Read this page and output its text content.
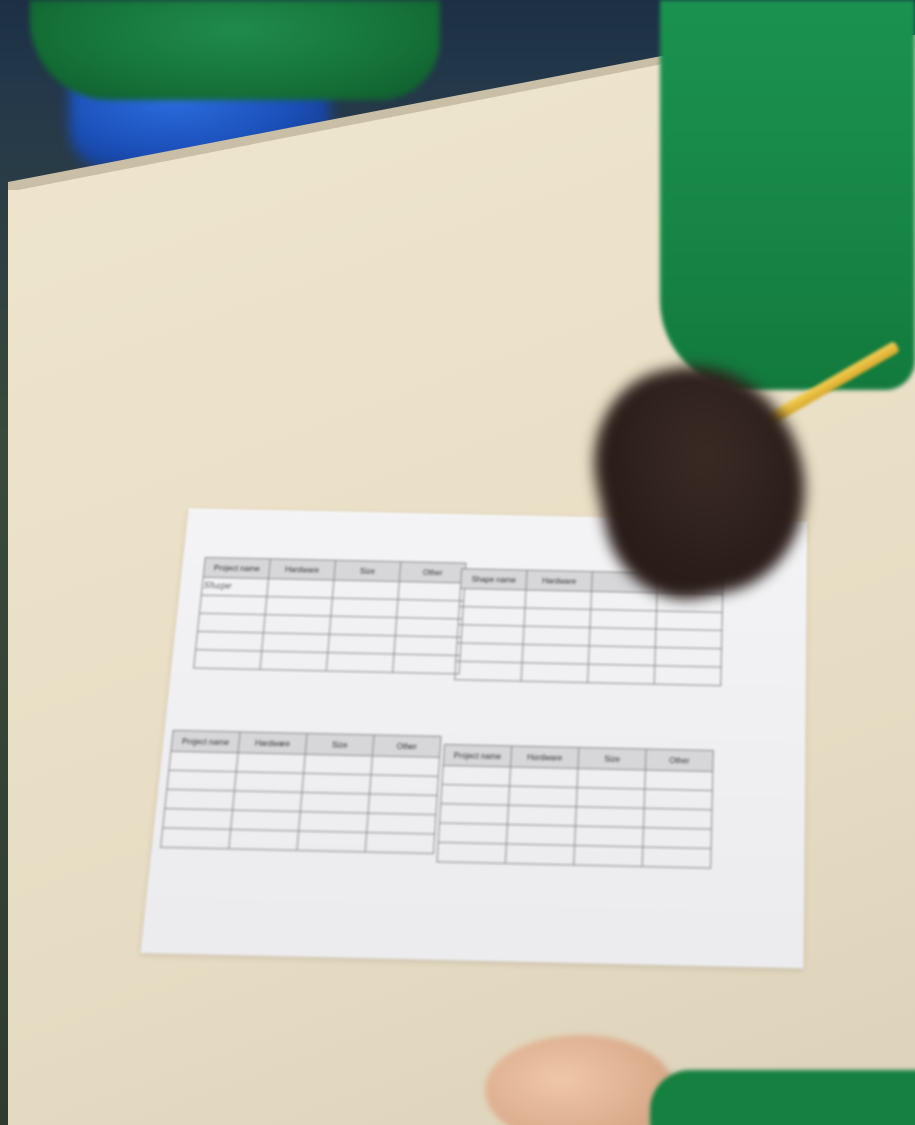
Project name	Hardware	Size	Other
Shape			

Shape name	Hardware		

Project name	Hardware	Size	Other

Project name	Hardware	Size	Other
